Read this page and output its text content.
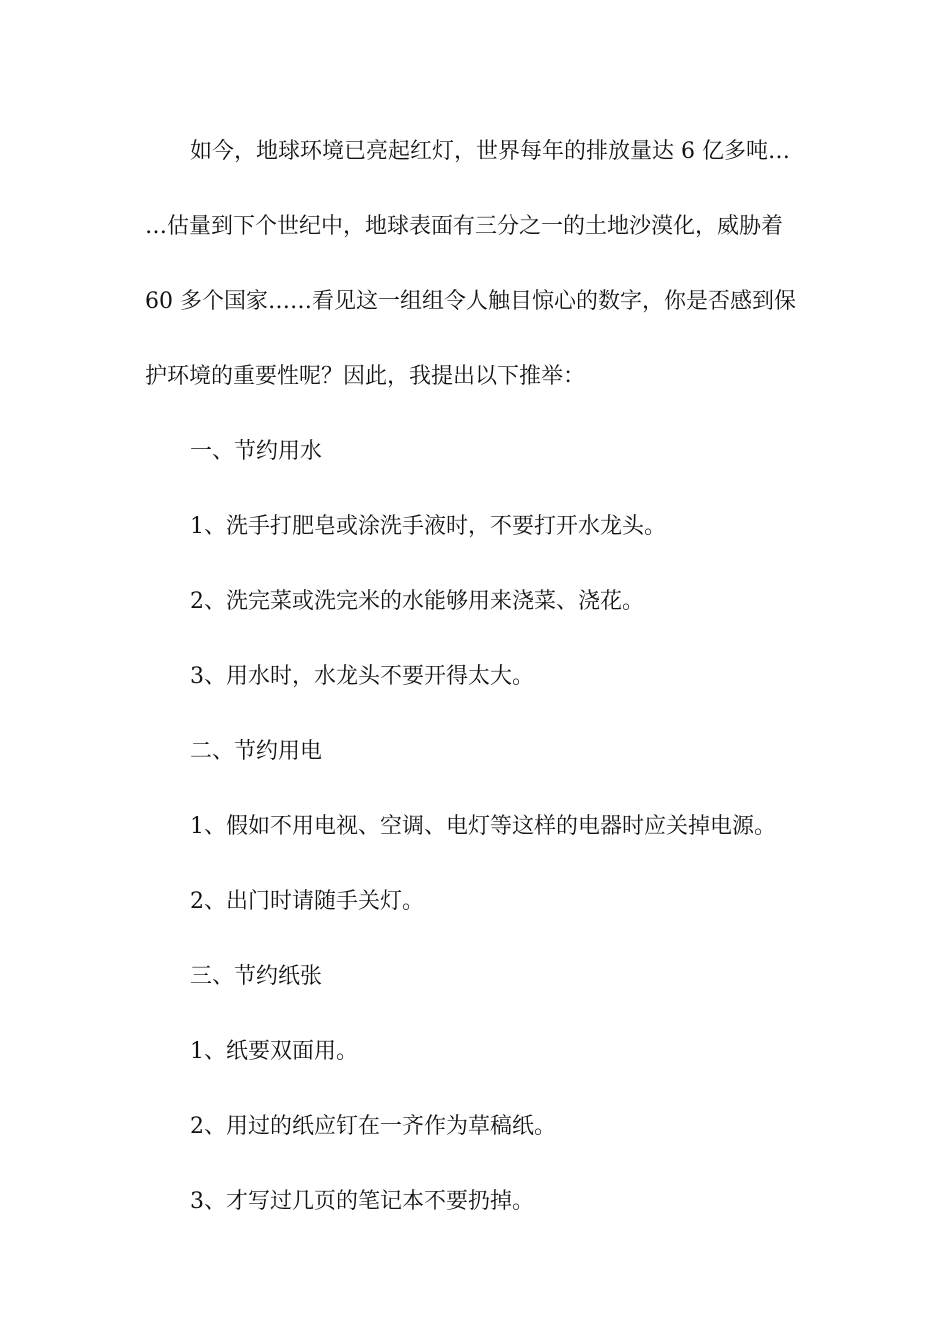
如今，地球环境已亮起红灯，世界每年的排放量达 6 亿多吨…

…估量到下个世纪中，地球表面有三分之一的土地沙漠化，威胁着

60 多个国家……看见这一组组令人触目惊心的数字，你是否感到保

护环境的重要性呢？因此，我提出以下推举：

一、节约用水

1、洗手打肥皂或涂洗手液时，不要打开水龙头。

2、洗完菜或洗完米的水能够用来浇菜、浇花。

3、用水时，水龙头不要开得太大。

二、节约用电

1、假如不用电视、空调、电灯等这样的电器时应关掉电源。

2、出门时请随手关灯。

三、节约纸张

1、纸要双面用。

2、用过的纸应钉在一齐作为草稿纸。

3、才写过几页的笔记本不要扔掉。
